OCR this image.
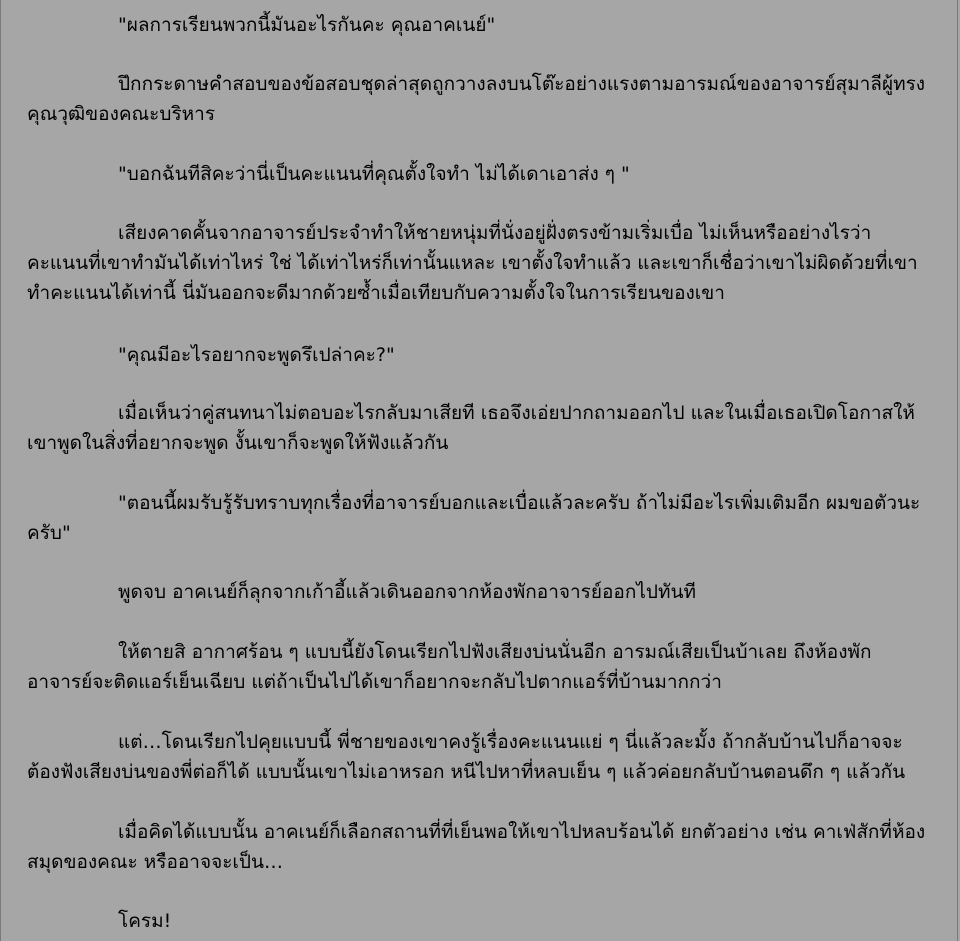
"ผลการเรียนพวกนี้มันอะไรกันคะ คุณอาคเนย์"

ปึกกระดาษคำสอบของข้อสอบชุดล่าสุดถูกวางลงบนโต๊ะอย่างแรงตามอารมณ์ของอาจารย์สุมาลีผู้ทรงคุณวุฒิของคณะบริหาร

"บอกฉันทีสิคะว่านี่เป็นคะแนนที่คุณตั้งใจทำ ไม่ได้เดาเอาส่ง ๆ "

เสียงคาดคั้นจากอาจารย์ประจำทำให้ชายหนุ่มที่นั่งอยู่ฝั่งตรงข้ามเริ่มเบื่อ ไม่เห็นหรืออย่างไรว่าคะแนนที่เขาทำมันได้เท่าไหร่ ใช่ ได้เท่าไหร่ก็เท่านั้นแหละ เขาตั้งใจทำแล้ว และเขาก็เชื่อว่าเขาไม่ผิดด้วยที่เขาทำคะแนนได้เท่านี้ นี่มันออกจะดีมากด้วยซ้ำเมื่อเทียบกับความตั้งใจในการเรียนของเขา

"คุณมีอะไรอยากจะพูดรึเปล่าคะ?"

เมื่อเห็นว่าคู่สนทนาไม่ตอบอะไรกลับมาเสียที เธอจึงเอ่ยปากถามออกไป และในเมื่อเธอเปิดโอกาสให้เขาพูดในสิ่งที่อยากจะพูด งั้นเขาก็จะพูดให้ฟังแล้วกัน

"ตอนนี้ผมรับรู้รับทราบทุกเรื่องที่อาจารย์บอกและเบื่อแล้วละครับ ถ้าไม่มีอะไรเพิ่มเติมอีก ผมขอตัวนะครับ"

พูดจบ อาคเนย์ก็ลุกจากเก้าอี้แล้วเดินออกจากห้องพักอาจารย์ออกไปทันที

ให้ตายสิ อากาศร้อน ๆ แบบนี้ยังโดนเรียกไปฟังเสียงบ่นนั่นอีก อารมณ์เสียเป็นบ้าเลย ถึงห้องพักอาจารย์จะติดแอร์เย็นเฉียบ แต่ถ้าเป็นไปได้เขาก็อยากจะกลับไปตากแอร์ที่บ้านมากกว่า

แต่…โดนเรียกไปคุยแบบนี้ พี่ชายของเขาคงรู้เรื่องคะแนนแย่ ๆ นี่แล้วละมั้ง ถ้ากลับบ้านไปก็อาจจะต้องฟังเสียงบ่นของพี่ต่อก็ได้ แบบนั้นเขาไม่เอาหรอก หนีไปหาที่หลบเย็น ๆ แล้วค่อยกลับบ้านตอนดึก ๆ แล้วกัน

เมื่อคิดได้แบบนั้น อาคเนย์ก็เลือกสถานที่ที่เย็นพอให้เขาไปหลบร้อนได้ ยกตัวอย่าง เช่น คาเฟ่สักที่ห้องสมุดของคณะ หรืออาจจะเป็น…

โครม!
